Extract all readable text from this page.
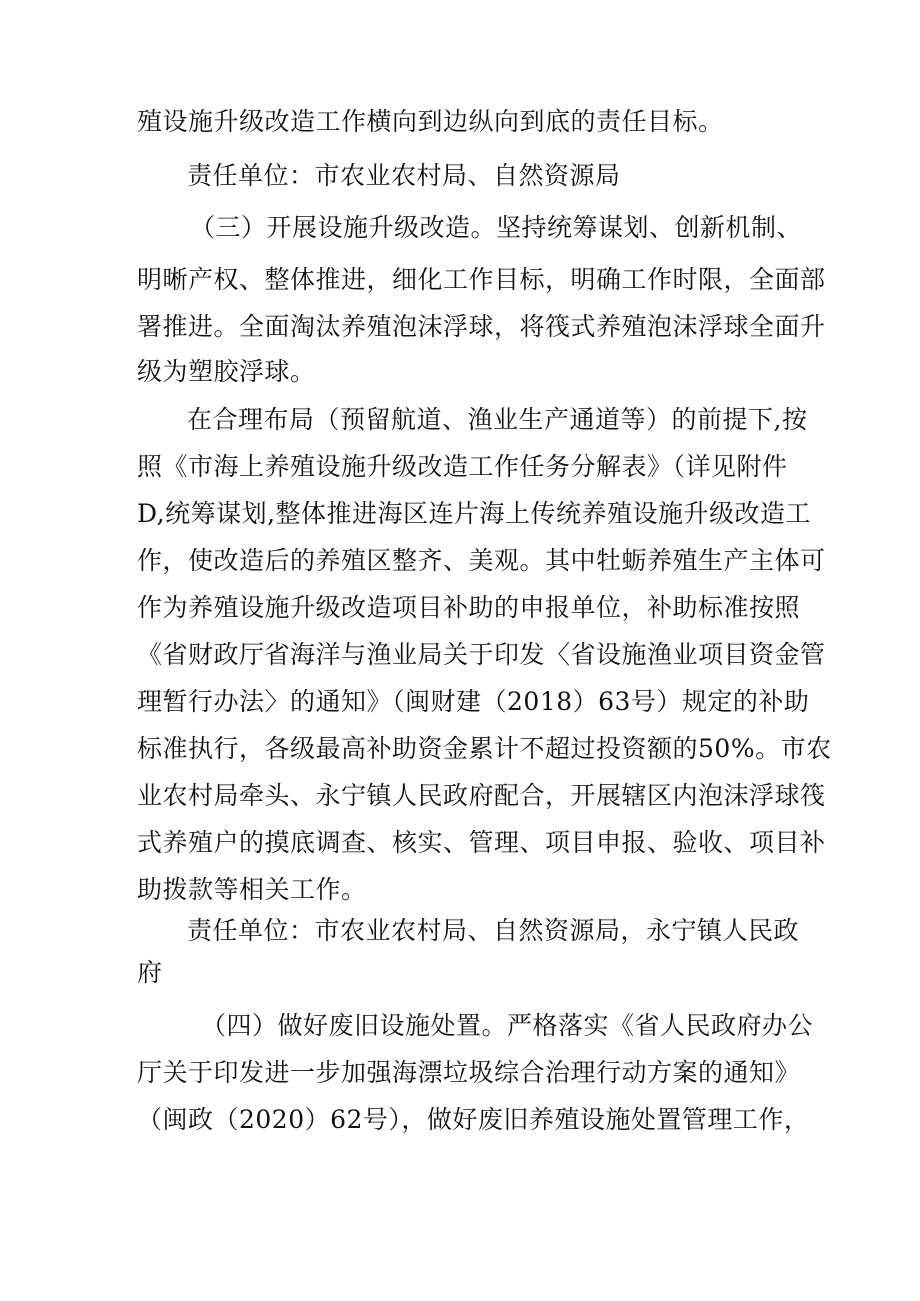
殖设施升级改造工作横向到边纵向到底的责任目标。
责任单位：市农业农村局、自然资源局
（三）开展设施升级改造。坚持统筹谋划、创新机制、
明晰产权、整体推进，细化工作目标，明确工作时限，全面部
署推进。全面淘汰养殖泡沫浮球，将筏式养殖泡沫浮球全面升
级为塑胶浮球。
在合理布局（预留航道、渔业生产通道等）的前提下,按
照《市海上养殖设施升级改造工作任务分解表》（详见附件
D,统筹谋划,整体推进海区连片海上传统养殖设施升级改造工
作，使改造后的养殖区整齐、美观。其中牡蛎养殖生产主体可
作为养殖设施升级改造项目补助的申报单位，补助标准按照
《省财政厅省海洋与渔业局关于印发〈省设施渔业项目资金管
理暂行办法〉的通知》（闽财建（2018）63号）规定的补助
标准执行，各级最高补助资金累计不超过投资额的50%。市农
业农村局牵头、永宁镇人民政府配合，开展辖区内泡沫浮球筏
式养殖户的摸底调查、核实、管理、项目申报、验收、项目补
助拨款等相关工作。
责任单位：市农业农村局、自然资源局，永宁镇人民政
府
（四）做好废旧设施处置。严格落实《省人民政府办公
厅关于印发进一步加强海漂垃圾综合治理行动方案的通知》
（闽政（2020）62号），做好废旧养殖设施处置管理工作，
